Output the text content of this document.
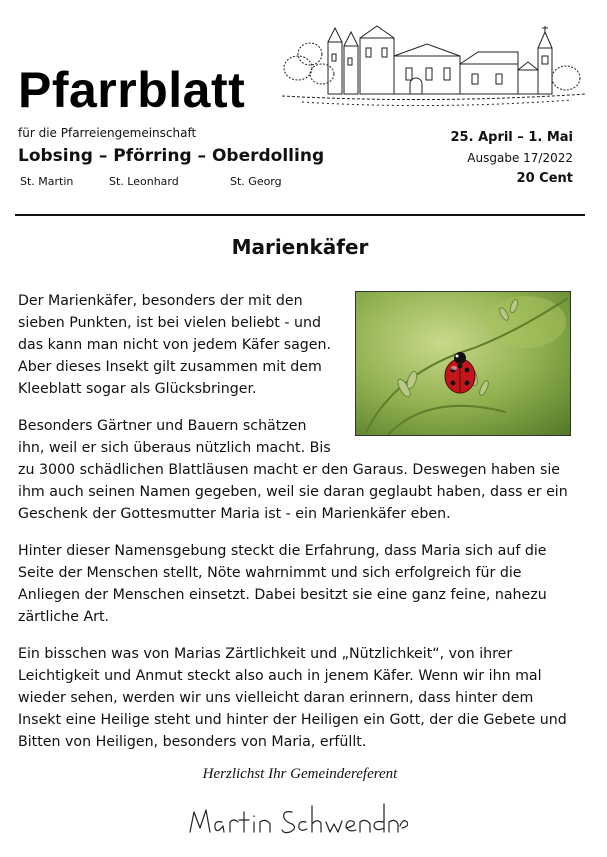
Pfarrblatt
für die Pfarreiengemeinschaft
Lobsing – Pförring – Oberdolling
St. Martin	St. Leonhard	St. Georg
25. April – 1. Mai
Ausgabe 17/2022
20 Cent
Marienkäfer
Der Marienkäfer, besonders der mit den
sieben Punkten, ist bei vielen beliebt - und
das kann man nicht von jedem Käfer sagen.
Aber dieses Insekt gilt zusammen mit dem
Kleeblatt sogar als Glücksbringer.
Besonders Gärtner und Bauern schätzen
ihn, weil er sich überaus nützlich macht. Bis
zu 3000 schädlichen Blattläusen macht er den Garaus. Deswegen haben sie
ihm auch seinen Namen gegeben, weil sie daran geglaubt haben, dass er ein
Geschenk der Gottesmutter Maria ist - ein Marienkäfer eben.
Hinter dieser Namensgebung steckt die Erfahrung, dass Maria sich auf die
Seite der Menschen stellt, Nöte wahrnimmt und sich erfolgreich für die
Anliegen der Menschen einsetzt. Dabei besitzt sie eine ganz feine, nahezu
zärtliche Art.
Ein bisschen was von Marias Zärtlichkeit und „Nützlichkeit“, von ihrer
Leichtigkeit und Anmut steckt also auch in jenem Käfer. Wenn wir ihn mal
wieder sehen, werden wir uns vielleicht daran erinnern, dass hinter dem
Insekt eine Heilige steht und hinter der Heiligen ein Gott, der die Gebete und
Bitten von Heiligen, besonders von Maria, erfüllt.
Herzlichst Ihr Gemeindereferent
